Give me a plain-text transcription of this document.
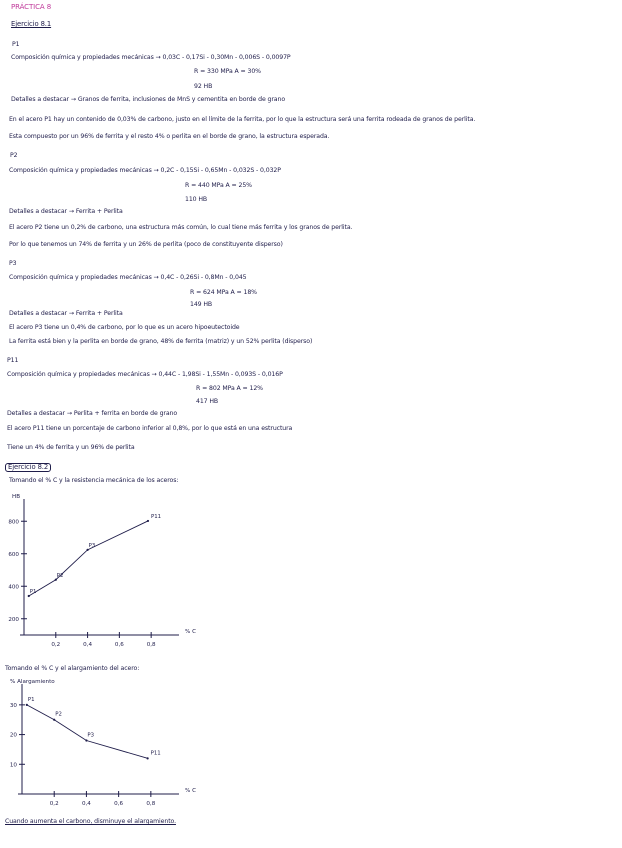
PRÁCTICA 8
Ejercicio 8.1
P1
Composición química y propiedades mecánicas → 0,03C - 0,17Si - 0,30Mn - 0,006S - 0,0097P
R = 330 MPa A = 30%
92 HB
Detalles a destacar → Granos de ferrita, inclusiones de MnS y cementita en borde de grano
En el acero P1 hay un contenido de 0,03% de carbono, justo en el límite de la ferrita, por lo que la estructura será una ferrita rodeada de granos de perlita.
Esta compuesto por un 96% de ferrita y el resto 4% o perlita en el borde de grano, la estructura esperada.
P2
Composición química y propiedades mecánicas → 0,2C - 0,15Si - 0,65Mn - 0,032S - 0,032P
R = 440 MPa A = 25%
110 HB
Detalles a destacar → Ferrita + Perlita
El acero P2 tiene un 0,2% de carbono, una estructura más común, lo cual tiene más ferrita y los granos de perlita.
Por lo que tenemos un 74% de ferrita y un 26% de perlita (poco de constituyente disperso)
P3
Composición química y propiedades mecánicas → 0,4C - 0,26Si - 0,8Mn - 0,045
R = 624 MPa A = 18%
149 HB
Detalles a destacar → Ferrita + Perlita
El acero P3 tiene un 0,4% de carbono, por lo que es un acero hipoeutectoide
La ferrita está bien y la perlita en borde de grano, 48% de ferrita (matriz) y un 52% perlita (disperso)
P11
Composición química y propiedades mecánicas → 0,44C - 1,98Si - 1,55Mn - 0,093S - 0,016P
R = 802 MPa A = 12%
417 HB
Detalles a destacar → Perlita + ferrita en borde de grano
El acero P11 tiene un porcentaje de carbono inferior al 0,8%, por lo que está en una estructura
Tiene un 4% de ferrita y un 96% de perlita
Ejercicio 8.2
Tomando el % C y la resistencia mecánica de los aceros:
HB
200
400
600
800
0,2	0,4	0,6	0,8
P1
P2
P3
P11
% C
Tomando el % C y el alargamiento del acero:
% Alargamiento
10
20
30
0,2	0,4	0,6	0,8
P1
P2
P3
P11
% C
Cuando aumenta el carbono, disminuye el alargamiento.
